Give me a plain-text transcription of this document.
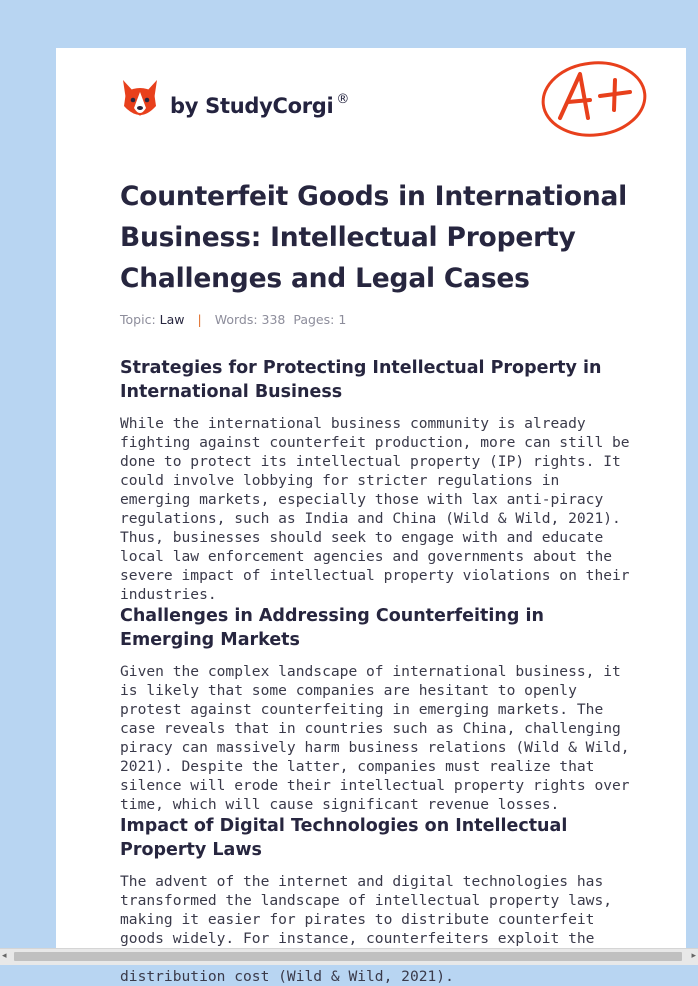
by StudyCorgi ®
Counterfeit Goods in International Business: Intellectual Property Challenges and Legal Cases
Topic: Law | Words: 338 Pages: 1
Strategies for Protecting Intellectual Property in International Business

While the international business community is already fighting against counterfeit production, more can still be done to protect its intellectual property (IP) rights. It could involve lobbying for stricter regulations in emerging markets, especially those with lax anti-piracy regulations, such as India and China (Wild & Wild, 2021). Thus, businesses should seek to engage with and educate local law enforcement agencies and governments about the severe impact of intellectual property violations on their industries.

Challenges in Addressing Counterfeiting in Emerging Markets

Given the complex landscape of international business, it is likely that some companies are hesitant to openly protest against counterfeiting in emerging markets. The case reveals that in countries such as China, challenging piracy can massively harm business relations (Wild & Wild, 2021). Despite the latter, companies must realize that silence will erode their intellectual property rights over time, which will cause significant revenue losses.

Impact of Digital Technologies on Intellectual Property Laws

The advent of the internet and digital technologies has transformed the landscape of intellectual property laws, making it easier for pirates to distribute counterfeit goods widely. For instance, counterfeiters exploit the distribution cost (Wild & Wild, 2021).

◂	▸
